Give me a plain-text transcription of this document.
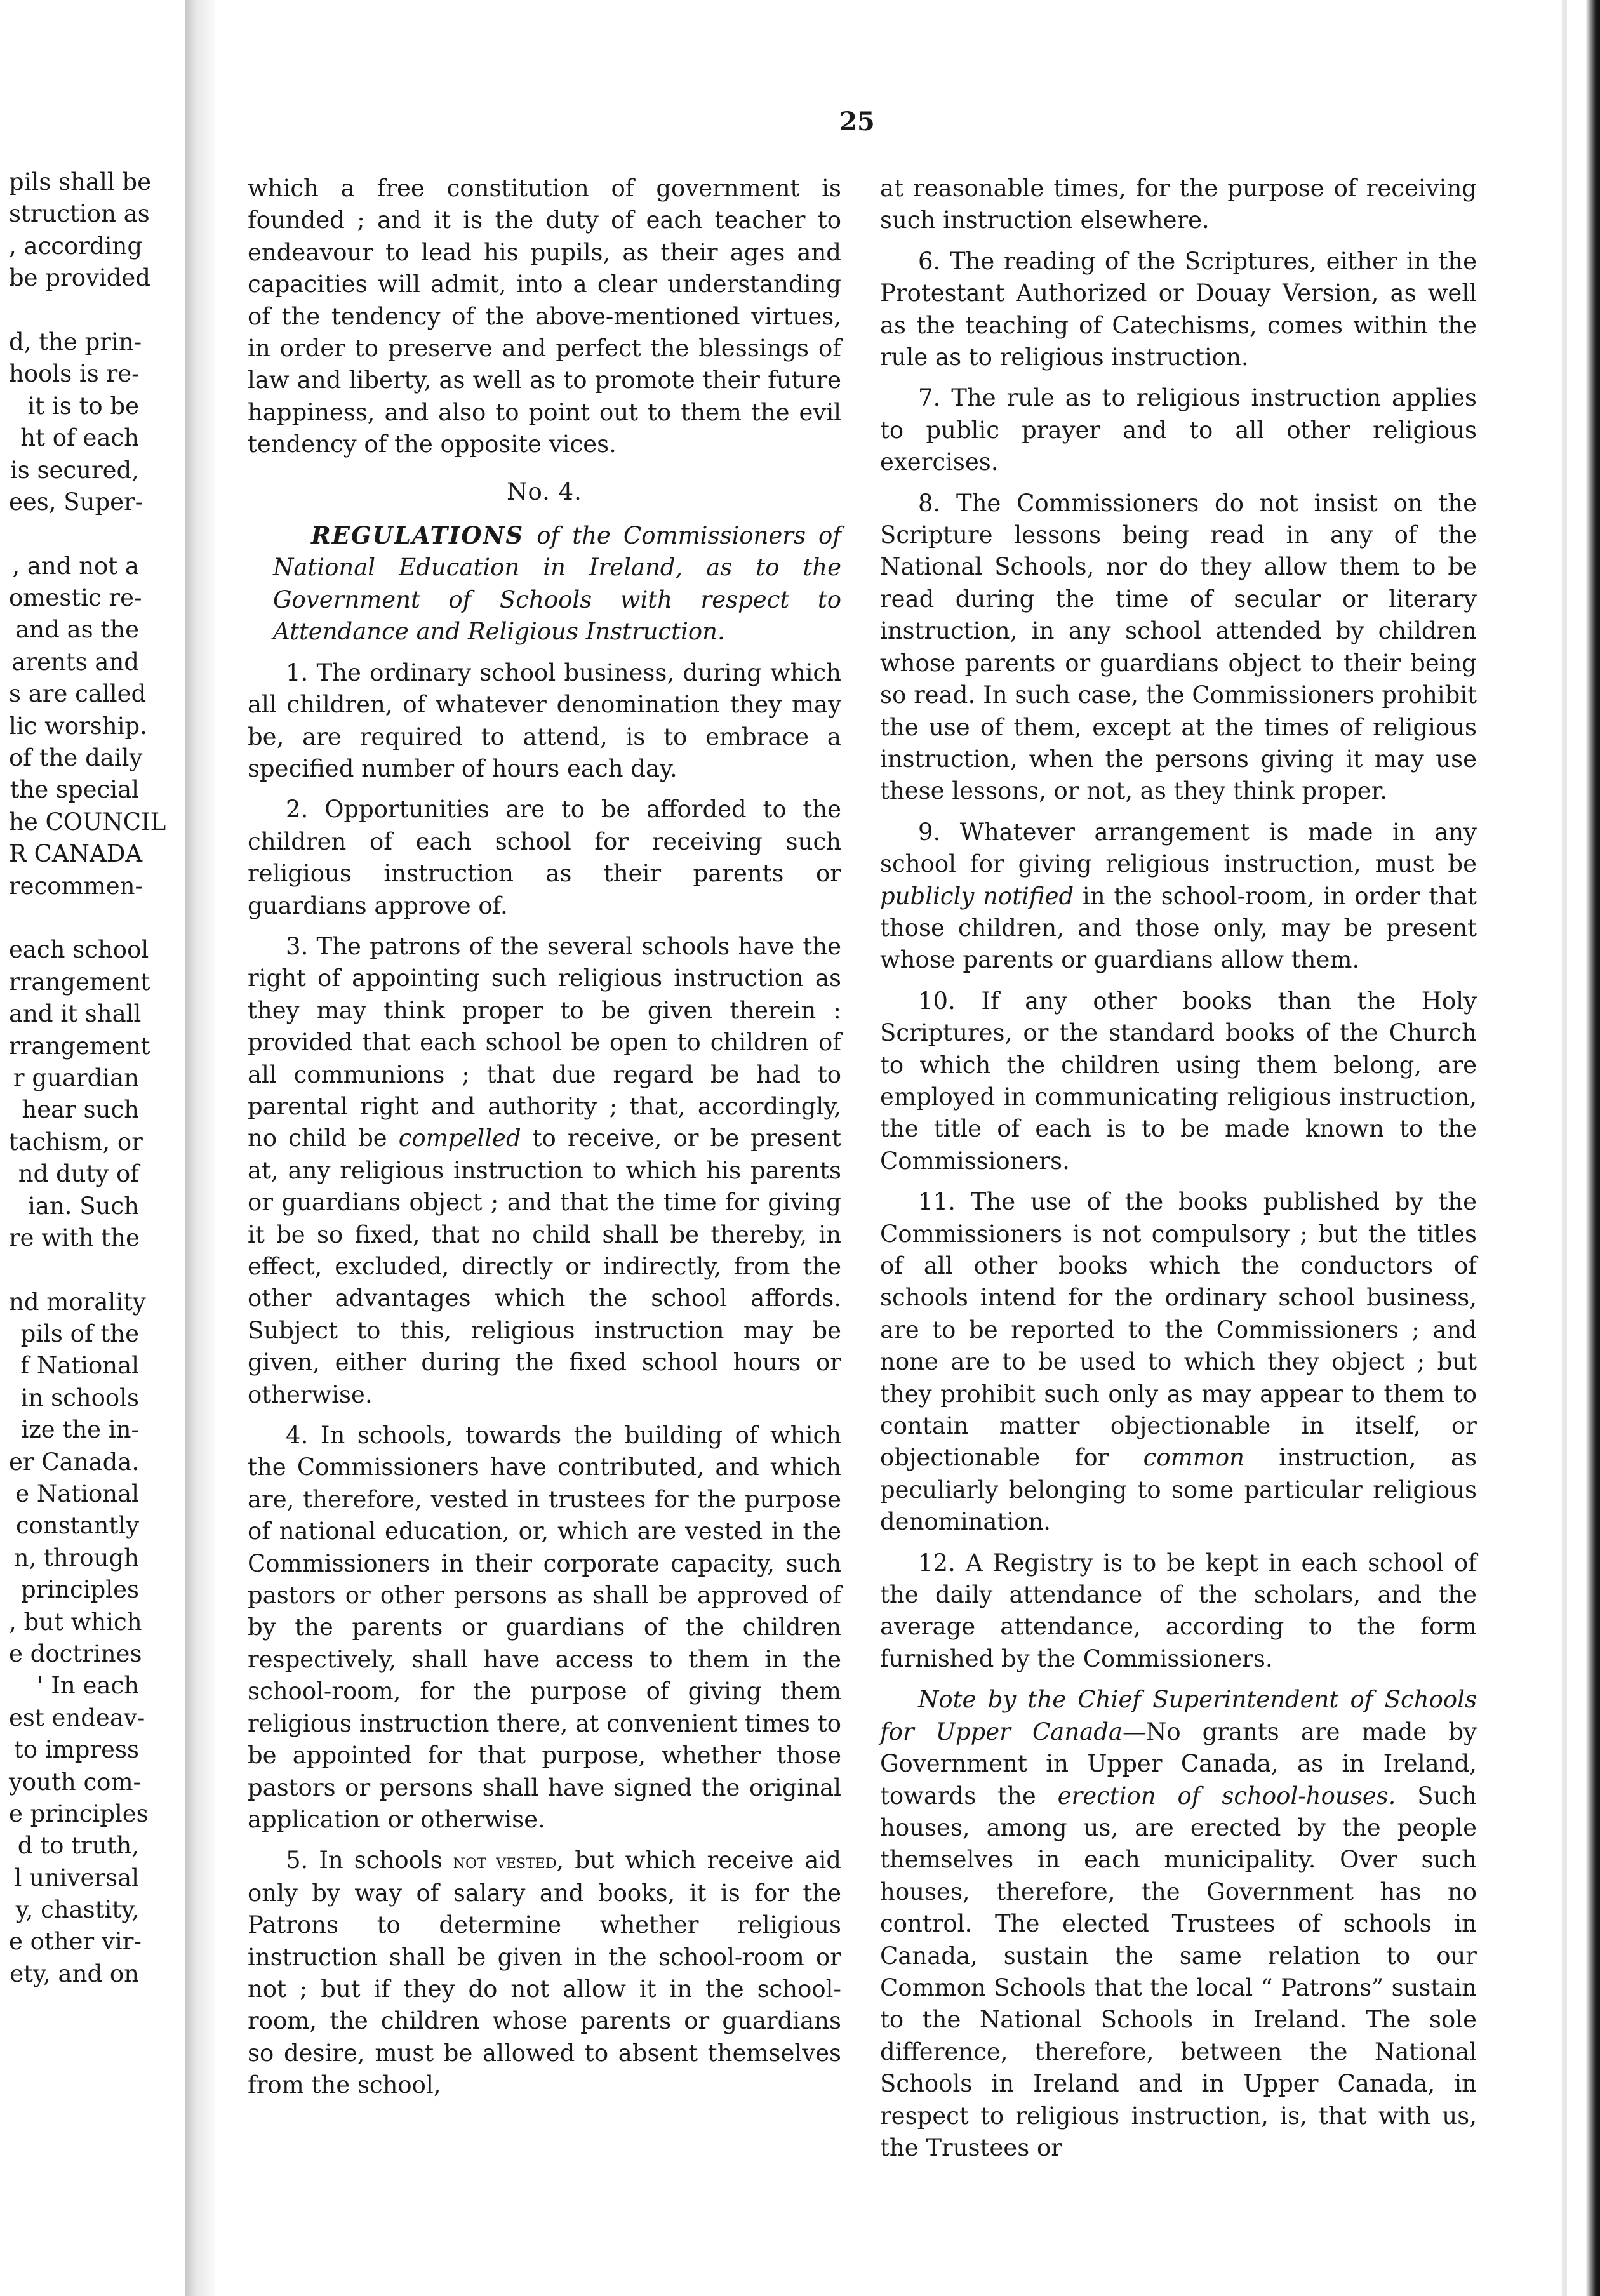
pils shall be
struction as
, according
be provided
d, the prin-
hools is re-
it is to be
ht of each
is secured,
ees, Super-
, and not a
omestic re-
and as the
arents and
s are called
lic worship.
of the daily
the special
he COUNCIL
R CANADA
recommen-
each school
rrangement
and it shall
rrangement
r guardian
hear such
tachism, or
nd duty of
ian. Such
re with the
nd morality
pils of the
f National
in schools
ize the in-
er Canada.
e National
constantly
n, through
principles
, but which
e doctrines
' In each
est endeav-
to impress
youth com-
e principles
d to truth,
l universal
y, chastity,
e other vir-
ety, and on
25

which a free constitution of government is founded ; and it is the duty of each teacher to endeavour to lead his pupils, as their ages and capacities will admit, into a clear understanding of the tendency of the above-mentioned virtues, in order to preserve and perfect the blessings of law and liberty, as well as to promote their future happiness, and also to point out to them the evil tendency of the opposite vices.

No. 4.

REGULATIONS of the Commissioners of National Education in Ireland, as to the Government of Schools with respect to Attendance and Religious Instruction.

1. The ordinary school business, during which all children, of whatever denomination they may be, are required to attend, is to embrace a specified number of hours each day.

2. Opportunities are to be afforded to the children of each school for receiving such religious instruction as their parents or guardians approve of.

3. The patrons of the several schools have the right of appointing such religious instruction as they may think proper to be given therein : provided that each school be open to children of all communions ; that due regard be had to parental right and authority ; that, accordingly, no child be compelled to receive, or be present at, any religious instruction to which his parents or guardians object ; and that the time for giving it be so fixed, that no child shall be thereby, in effect, excluded, directly or indirectly, from the other advantages which the school affords. Subject to this, religious instruction may be given, either during the fixed school hours or otherwise.

4. In schools, towards the building of which the Commissioners have contributed, and which are, therefore, vested in trustees for the purpose of national education, or, which are vested in the Commissioners in their corporate capacity, such pastors or other persons as shall be approved of by the parents or guardians of the children respectively, shall have access to them in the school-room, for the purpose of giving them religious instruction there, at convenient times to be appointed for that purpose, whether those pastors or persons shall have signed the original application or otherwise.

5. In schools not vested, but which receive aid only by way of salary and books, it is for the Patrons to determine whether religious instruction shall be given in the school-room or not ; but if they do not allow it in the school-room, the children whose parents or guardians so desire, must be allowed to absent themselves from the school,

at reasonable times, for the purpose of receiving such instruction elsewhere.

6. The reading of the Scriptures, either in the Protestant Authorized or Douay Version, as well as the teaching of Catechisms, comes within the rule as to religious instruction.

7. The rule as to religious instruction applies to public prayer and to all other religious exercises.

8. The Commissioners do not insist on the Scripture lessons being read in any of the National Schools, nor do they allow them to be read during the time of secular or literary instruction, in any school attended by children whose parents or guardians object to their being so read. In such case, the Commissioners prohibit the use of them, except at the times of religious instruction, when the persons giving it may use these lessons, or not, as they think proper.

9. Whatever arrangement is made in any school for giving religious instruction, must be publicly notified in the school-room, in order that those children, and those only, may be present whose parents or guardians allow them.

10. If any other books than the Holy Scriptures, or the standard books of the Church to which the children using them belong, are employed in communicating religious instruction, the title of each is to be made known to the Commissioners.

11. The use of the books published by the Commissioners is not compulsory ; but the titles of all other books which the conductors of schools intend for the ordinary school business, are to be reported to the Commissioners ; and none are to be used to which they object ; but they prohibit such only as may appear to them to contain matter objectionable in itself, or objectionable for common instruction, as peculiarly belonging to some particular religious denomination.

12. A Registry is to be kept in each school of the daily attendance of the scholars, and the average attendance, according to the form furnished by the Commissioners.

Note by the Chief Superintendent of Schools for Upper Canada—No grants are made by Government in Upper Canada, as in Ireland, towards the erection of school-houses. Such houses, among us, are erected by the people themselves in each municipality. Over such houses, therefore, the Government has no control. The elected Trustees of schools in Canada, sustain the same relation to our Common Schools that the local “ Patrons” sustain to the National Schools in Ireland. The sole difference, therefore, between the National Schools in Ireland and in Upper Canada, in respect to religious instruction, is, that with us, the Trustees or
